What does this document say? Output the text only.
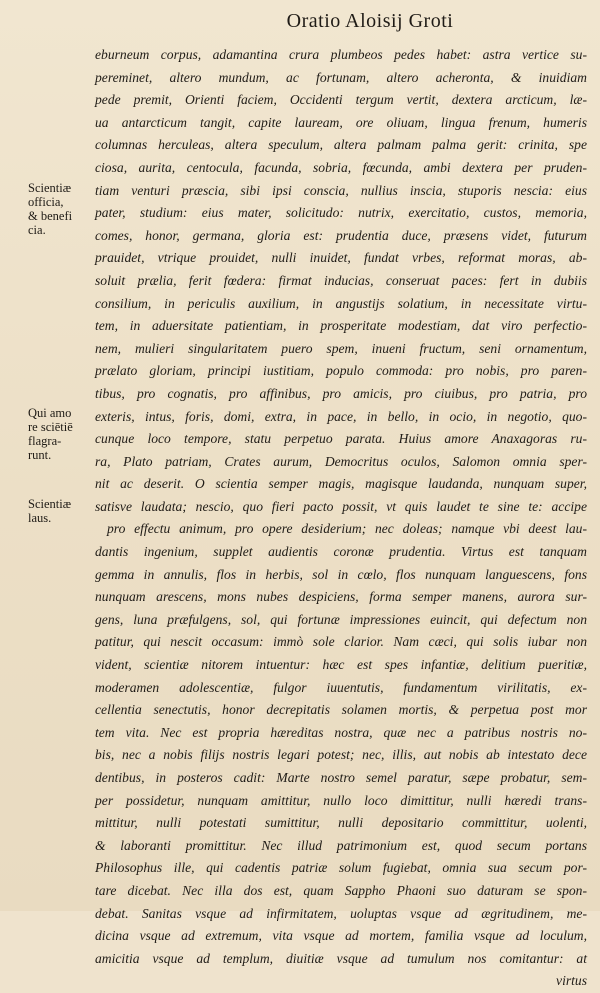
Oratio Aloisij Groti
Scientiæ
officia,
& benefi
cia.
Qui amo
re sciētiē
flagra-
runt.
Scientiæ
laus.
eburneum corpus, adamantina crura plumbeos pedes habet: astra vertice su-
pereminet, altero mundum, ac fortunam, altero acheronta, & inuidiam
pede premit, Orienti faciem, Occidenti tergum vertit, dextera arcticum, læ-
ua antarcticum tangit, capite lauream, ore oliuam, lingua frenum, humeris
columnas herculeas, altera speculum, altera palmam palma gerit: crinita, spe
ciosa, aurita, centocula, facunda, sobria, fœcunda, ambi dextera per pruden-
tiam venturi præscia, sibi ipsi conscia, nullius inscia, stuporis nescia: eius
pater, studium: eius mater, solicitudo: nutrix, exercitatio, custos, memoria,
comes, honor, germana, gloria est: prudentia duce, præsens videt, futurum
prauidet, vtrique prouidet, nulli inuidet, fundat vrbes, reformat moras, ab-
soluit prælia, ferit fœdera: firmat inducias, conseruat paces: fert in dubiis
consilium, in periculis auxilium, in angustijs solatium, in necessitate virtu-
tem, in aduersitate patientiam, in prosperitate modestiam, dat viro perfectio-
nem, mulieri singularitatem puero spem, inueni fructum, seni ornamentum,
prælato gloriam, principi iustitiam, populo commoda: pro nobis, pro paren-
tibus, pro cognatis, pro affinibus, pro amicis, pro ciuibus, pro patria, pro
exteris, intus, foris, domi, extra, in pace, in bello, in ocio, in negotio, quo-
cunque loco tempore, statu perpetuo parata. Huius amore Anaxagoras ru-
ra, Plato patriam, Crates aurum, Democritus oculos, Salomon omnia sper-
nit ac deserit. O scientia semper magis, magisque laudanda, nunquam super,
satisve laudata; nescio, quo fieri pacto possit, vt quis laudet te sine te: accipe
pro effectu animum, pro opere desiderium; nec doleas; namque vbi deest lau-
dantis ingenium, supplet audientis coronæ prudentia. Virtus est tanquam
gemma in annulis, flos in herbis, sol in cœlo, flos nunquam languescens, fons
nunquam arescens, mons nubes despiciens, forma semper manens, aurora sur-
gens, luna præfulgens, sol, qui fortunæ impressiones euincit, qui defectum non
patitur, qui nescit occasum: immò sole clarior. Nam cæci, qui solis iubar non
vident, scientiæ nitorem intuentur: hæc est spes infantiæ, delitium pueritiæ,
moderamen adolescentiæ, fulgor iuuentutis, fundamentum virilitatis, ex-
cellentia senectutis, honor decrepitatis solamen mortis, & perpetua post mor
tem vita. Nec est propria hæreditas nostra, quæ nec a patribus nostris no-
bis, nec a nobis filijs nostris legari potest; nec, illis, aut nobis ab intestato dece
dentibus, in posteros cadit: Marte nostro semel paratur, sæpe probatur, sem-
per possidetur, nunquam amittitur, nullo loco dimittitur, nulli hæredi trans-
mittitur, nulli potestati sumittitur, nulli depositario committitur, uolenti,
& laboranti promittitur. Nec illud patrimonium est, quod secum portans
Philosophus ille, qui cadentis patriæ solum fugiebat, omnia sua secum por-
tare dicebat. Nec illa dos est, quam Sappho Phaoni suo daturam se spon-
debat. Sanitas vsque ad infirmitatem, uoluptas vsque ad ægritudinem, me-
dicina vsque ad extremum, vita vsque ad mortem, familia vsque ad loculum,
amicitia vsque ad templum, diuitiæ vsque ad tumulum nos comitantur: at
virtus
